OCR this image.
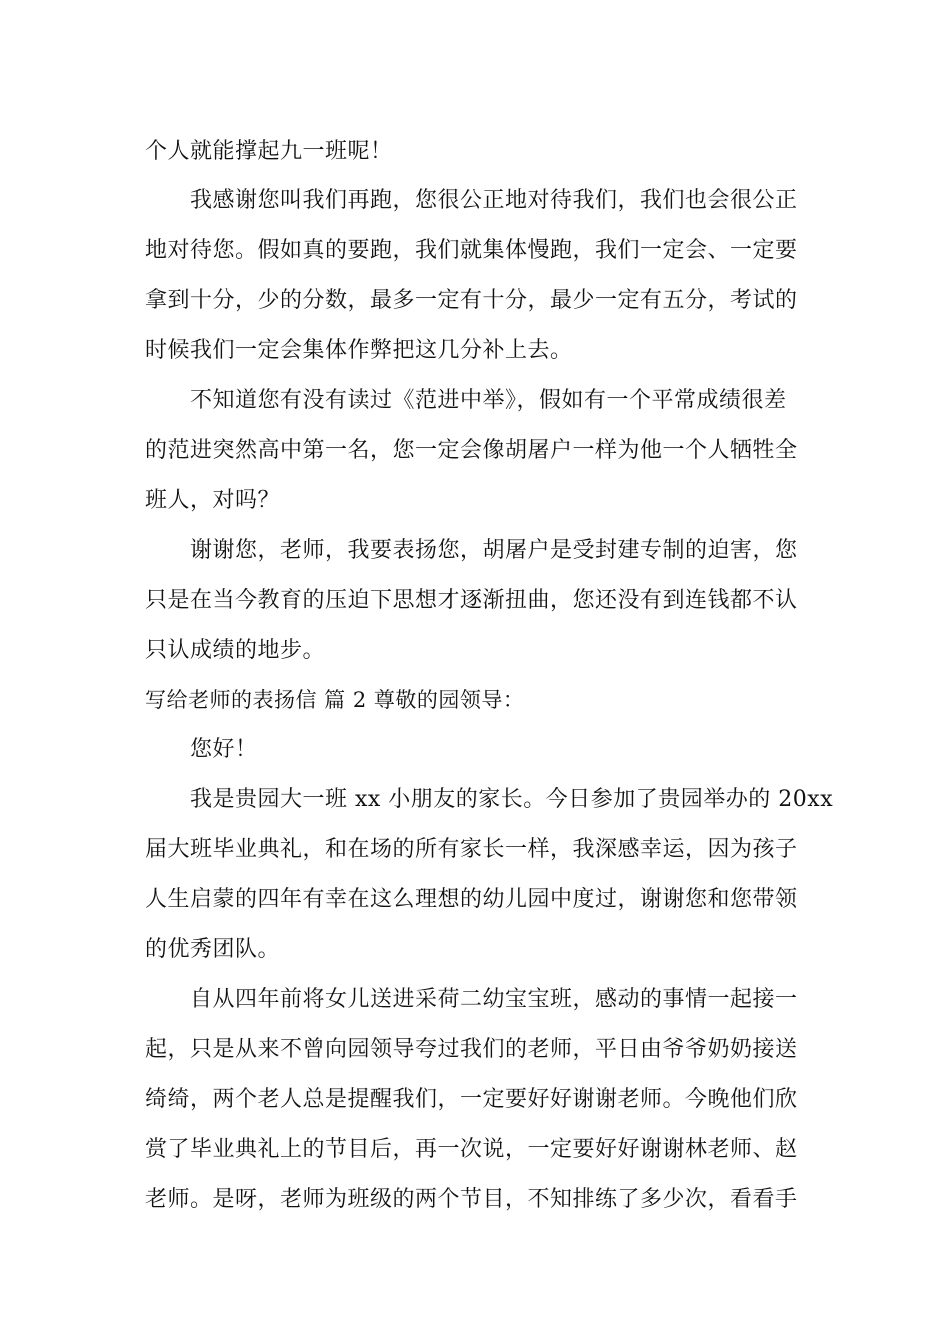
个人就能撑起九一班呢！
我感谢您叫我们再跑，您很公正地对待我们，我们也会很公正
地对待您。假如真的要跑，我们就集体慢跑，我们一定会、一定要
拿到十分，少的分数，最多一定有十分，最少一定有五分，考试的
时候我们一定会集体作弊把这几分补上去。
不知道您有没有读过《范进中举》，假如有一个平常成绩很差
的范进突然高中第一名，您一定会像胡屠户一样为他一个人牺牲全
班人，对吗？
谢谢您，老师，我要表扬您，胡屠户是受封建专制的迫害，您
只是在当今教育的压迫下思想才逐渐扭曲，您还没有到连钱都不认
只认成绩的地步。
写给老师的表扬信 篇 2 尊敬的园领导：
您好！
我是贵园大一班 xx 小朋友的家长。今日参加了贵园举办的 20xx
届大班毕业典礼，和在场的所有家长一样，我深感幸运，因为孩子
人生启蒙的四年有幸在这么理想的幼儿园中度过，谢谢您和您带领
的优秀团队。
自从四年前将女儿送进采荷二幼宝宝班，感动的事情一起接一
起，只是从来不曾向园领导夸过我们的老师，平日由爷爷奶奶接送
绮绮，两个老人总是提醒我们，一定要好好谢谢老师。今晚他们欣
赏了毕业典礼上的节目后，再一次说，一定要好好谢谢林老师、赵
老师。是呀，老师为班级的两个节目，不知排练了多少次，看看手
